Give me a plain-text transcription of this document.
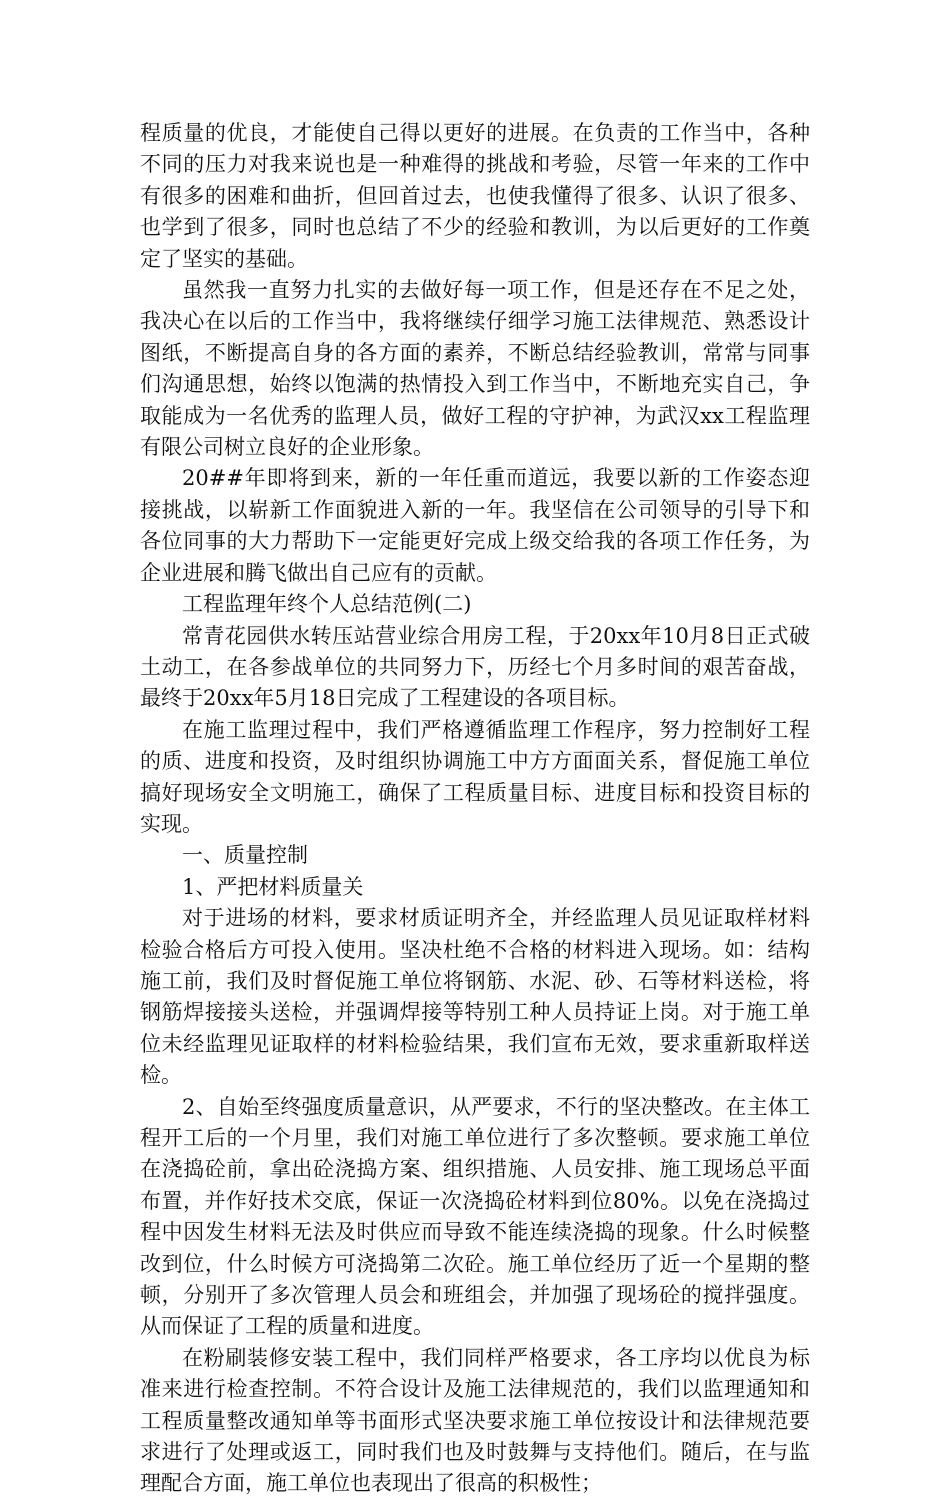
程质量的优良，才能使自己得以更好的进展。在负责的工作当中，各种不同的压力对我来说也是一种难得的挑战和考验，尽管一年来的工作中有很多的困难和曲折，但回首过去，也使我懂得了很多、认识了很多、也学到了很多，同时也总结了不少的经验和教训，为以后更好的工作奠定了坚实的基础。

虽然我一直努力扎实的去做好每一项工作，但是还存在不足之处，我决心在以后的工作当中，我将继续仔细学习施工法律规范、熟悉设计图纸，不断提高自身的各方面的素养，不断总结经验教训，常常与同事们沟通思想，始终以饱满的热情投入到工作当中，不断地充实自己，争取能成为一名优秀的监理人员，做好工程的守护神，为武汉xx工程监理有限公司树立良好的企业形象。

20##年即将到来，新的一年任重而道远，我要以新的工作姿态迎接挑战，以崭新工作面貌进入新的一年。我坚信在公司领导的引导下和各位同事的大力帮助下一定能更好完成上级交给我的各项工作任务，为企业进展和腾飞做出自己应有的贡献。

工程监理年终个人总结范例(二)

常青花园供水转压站营业综合用房工程，于20xx年10月8日正式破土动工，在各参战单位的共同努力下，历经七个月多时间的艰苦奋战，最终于20xx年5月18日完成了工程建设的各项目标。

在施工监理过程中，我们严格遵循监理工作程序，努力控制好工程的质、进度和投资，及时组织协调施工中方方面面关系，督促施工单位搞好现场安全文明施工，确保了工程质量目标、进度目标和投资目标的实现。

一、质量控制

1、严把材料质量关

对于进场的材料，要求材质证明齐全，并经监理人员见证取样材料检验合格后方可投入使用。坚决杜绝不合格的材料进入现场。如：结构施工前，我们及时督促施工单位将钢筋、水泥、砂、石等材料送检，将钢筋焊接接头送检，并强调焊接等特别工种人员持证上岗。对于施工单位未经监理见证取样的材料检验结果，我们宣布无效，要求重新取样送检。

2、自始至终强度质量意识，从严要求，不行的坚决整改。在主体工程开工后的一个月里，我们对施工单位进行了多次整顿。要求施工单位在浇捣砼前，拿出砼浇捣方案、组织措施、人员安排、施工现场总平面布置，并作好技术交底，保证一次浇捣砼材料到位80%。以免在浇捣过程中因发生材料无法及时供应而导致不能连续浇捣的现象。什么时候整改到位，什么时候方可浇捣第二次砼。施工单位经历了近一个星期的整顿，分别开了多次管理人员会和班组会，并加强了现场砼的搅拌强度。从而保证了工程的质量和进度。

在粉刷装修安装工程中，我们同样严格要求，各工序均以优良为标准来进行检查控制。不符合设计及施工法律规范的，我们以监理通知和工程质量整改通知单等书面形式坚决要求施工单位按设计和法律规范要求进行了处理或返工，同时我们也及时鼓舞与支持他们。随后，在与监理配合方面，施工单位也表现出了很高的积极性；
